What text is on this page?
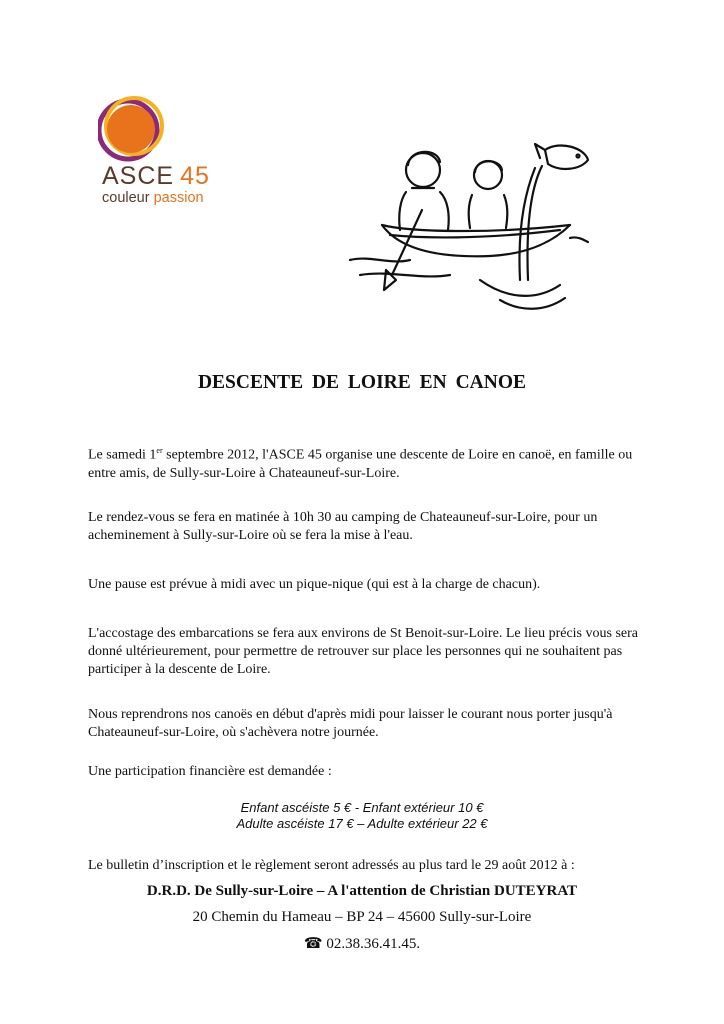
ASCE 45
couleur passion
DESCENTE DE LOIRE EN CANOE
Le samedi 1er septembre 2012, l'ASCE 45 organise une descente de Loire en canoë, en famille ou entre amis, de Sully-sur-Loire à Chateauneuf-sur-Loire.
Le rendez-vous se fera en matinée à 10h 30 au camping de Chateauneuf-sur-Loire, pour un acheminement à Sully-sur-Loire où se fera la mise à l'eau.
Une pause est prévue à midi avec un pique-nique (qui est à la charge de chacun).
L'accostage des embarcations se fera aux environs de St Benoit-sur-Loire. Le lieu précis vous sera donné ultérieurement, pour permettre de retrouver sur place les personnes qui ne souhaitent pas participer à la descente de Loire.
Nous reprendrons nos canoës en début d'après midi pour laisser le courant nous porter jusqu'à Chateauneuf-sur-Loire, où s'achèvera notre journée.
Une participation financière est demandée :
Enfant ascéiste 5 € - Enfant extérieur 10 €
Adulte ascéiste 17 € – Adulte extérieur 22 €
Le bulletin d’inscription et le règlement seront adressés au plus tard le 29 août 2012 à :
D.R.D. De Sully-sur-Loire – A l'attention de Christian DUTEYRAT
20 Chemin du Hameau – BP 24 – 45600 Sully-sur-Loire
☎ 02.38.36.41.45.
